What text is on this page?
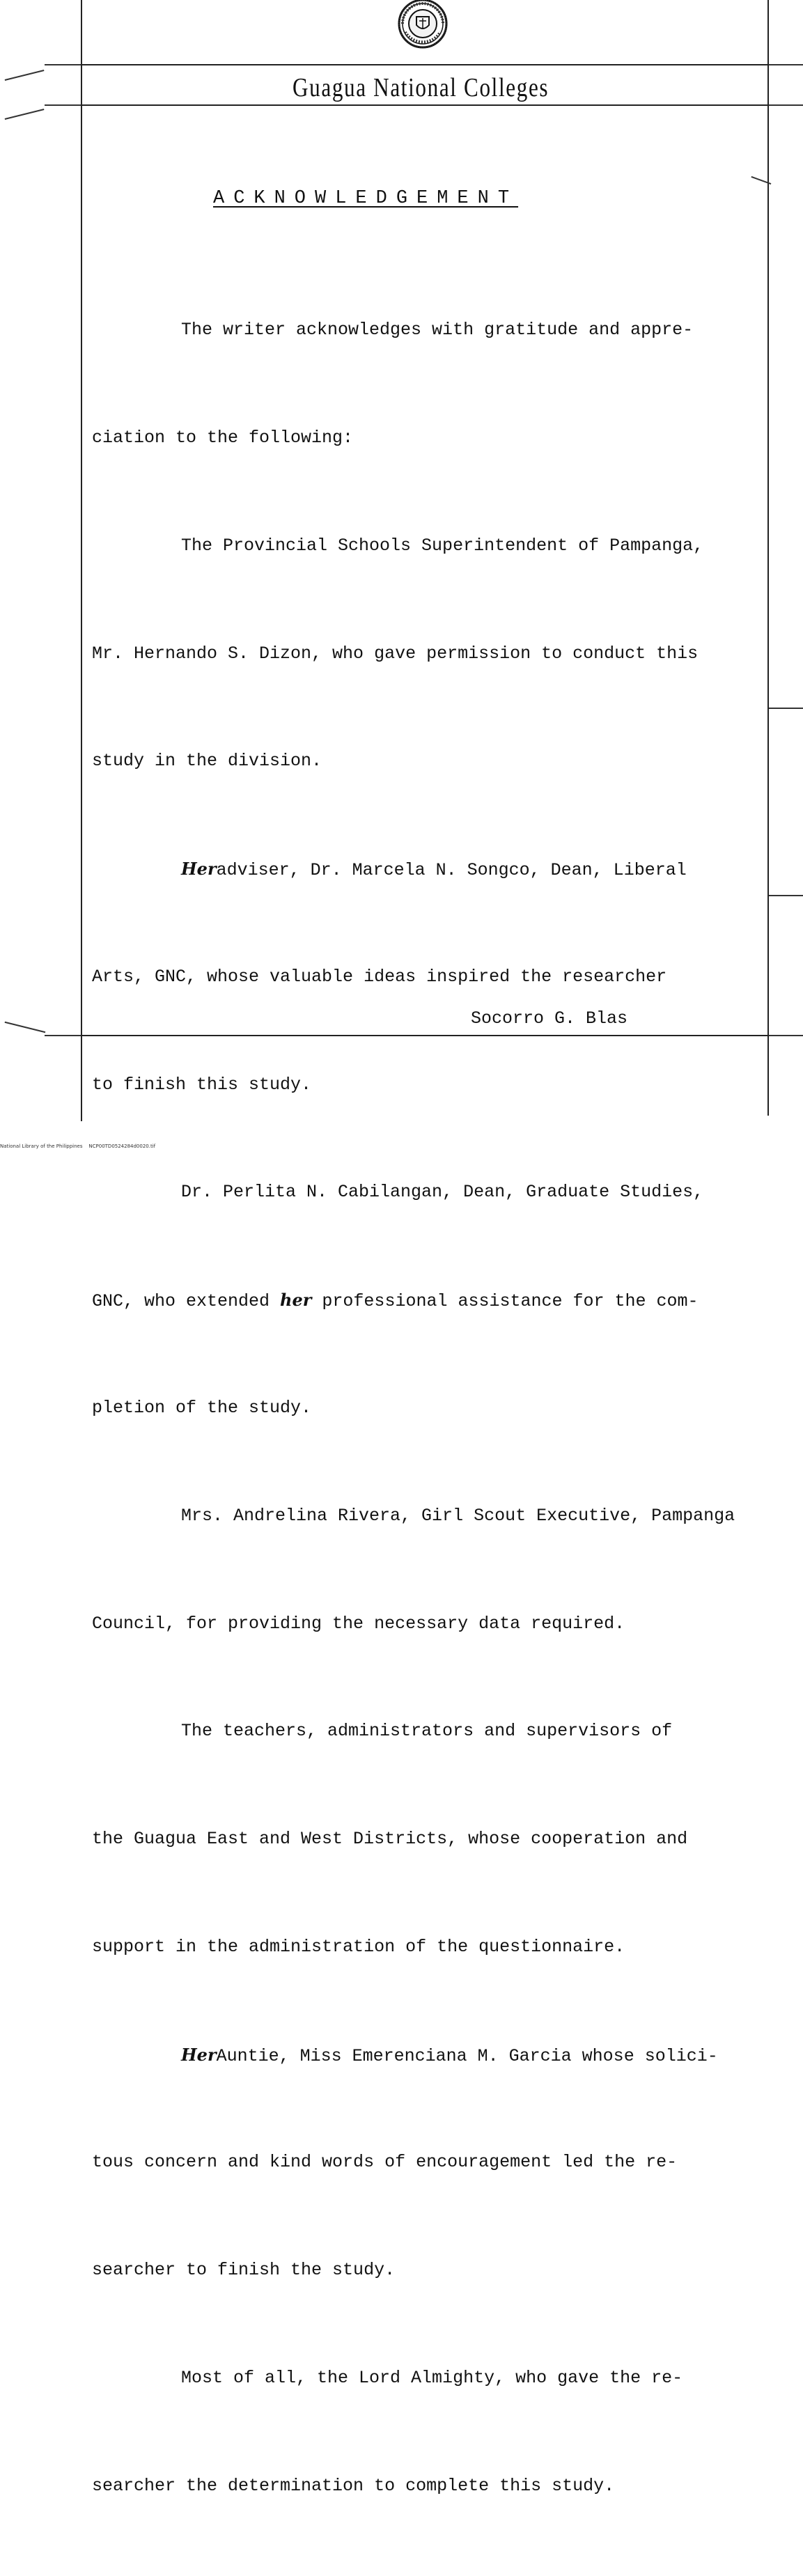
Guagua National Colleges
ACKNOWLEDGEMENT

The writer acknowledges with gratitude and appre-

ciation to the following:

The Provincial Schools Superintendent of Pampanga,

Mr. Hernando S. Dizon, who gave permission to conduct this

study in the division.

Heradviser, Dr. Marcela N. Songco, Dean, Liberal

Arts, GNC, whose valuable ideas inspired the researcher

to finish this study.

Dr. Perlita N. Cabilangan, Dean, Graduate Studies,

GNC, who extended her professional assistance for the com-

pletion of the study.

Mrs. Andrelina Rivera, Girl Scout Executive, Pampanga

Council, for providing the necessary data required.

The teachers, administrators and supervisors of

the Guagua East and West Districts, whose cooperation and

support in the administration of the questionnaire.

HerAuntie, Miss Emerenciana M. Garcia whose solici-

tous concern and kind words of encouragement led the re-

searcher to finish the study.

Most of all, the Lord Almighty, who gave the re-

searcher the determination to complete this study.

Socorro G. Blas
National Library of the Philippines    NCP00TD0524284d0020.tif
